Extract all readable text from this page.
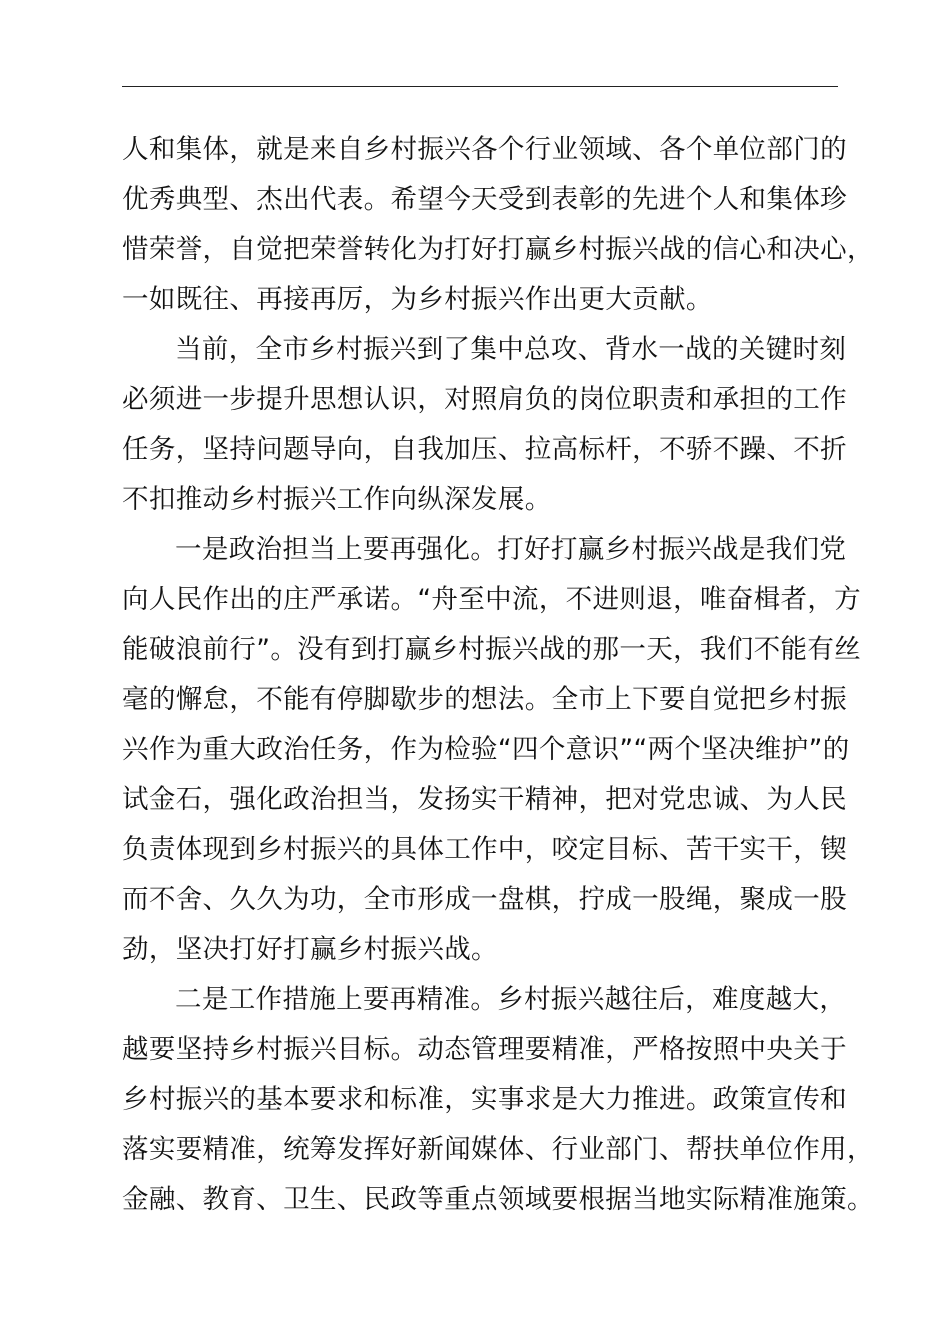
人和集体，就是来自乡村振兴各个行业领域、各个单位部门的
优秀典型、杰出代表。希望今天受到表彰的先进个人和集体珍
惜荣誉，自觉把荣誉转化为打好打赢乡村振兴战的信心和决心，
一如既往、再接再厉，为乡村振兴作出更大贡献。
当前，全市乡村振兴到了集中总攻、背水一战的关键时刻
必须进一步提升思想认识，对照肩负的岗位职责和承担的工作
任务，坚持问题导向，自我加压、拉高标杆，不骄不躁、不折
不扣推动乡村振兴工作向纵深发展。
一是政治担当上要再强化。打好打赢乡村振兴战是我们党
向人民作出的庄严承诺。“舟至中流，不进则退，唯奋楫者，方
能破浪前行”。没有到打赢乡村振兴战的那一天，我们不能有丝
毫的懈怠，不能有停脚歇步的想法。全市上下要自觉把乡村振
兴作为重大政治任务，作为检验“四个意识”“两个坚决维护”的
试金石，强化政治担当，发扬实干精神，把对党忠诚、为人民
负责体现到乡村振兴的具体工作中，咬定目标、苦干实干，锲
而不舍、久久为功，全市形成一盘棋，拧成一股绳，聚成一股
劲，坚决打好打赢乡村振兴战。
二是工作措施上要再精准。乡村振兴越往后，难度越大，
越要坚持乡村振兴目标。动态管理要精准，严格按照中央关于
乡村振兴的基本要求和标准，实事求是大力推进。政策宣传和
落实要精准，统筹发挥好新闻媒体、行业部门、帮扶单位作用，
金融、教育、卫生、民政等重点领域要根据当地实际精准施策。
